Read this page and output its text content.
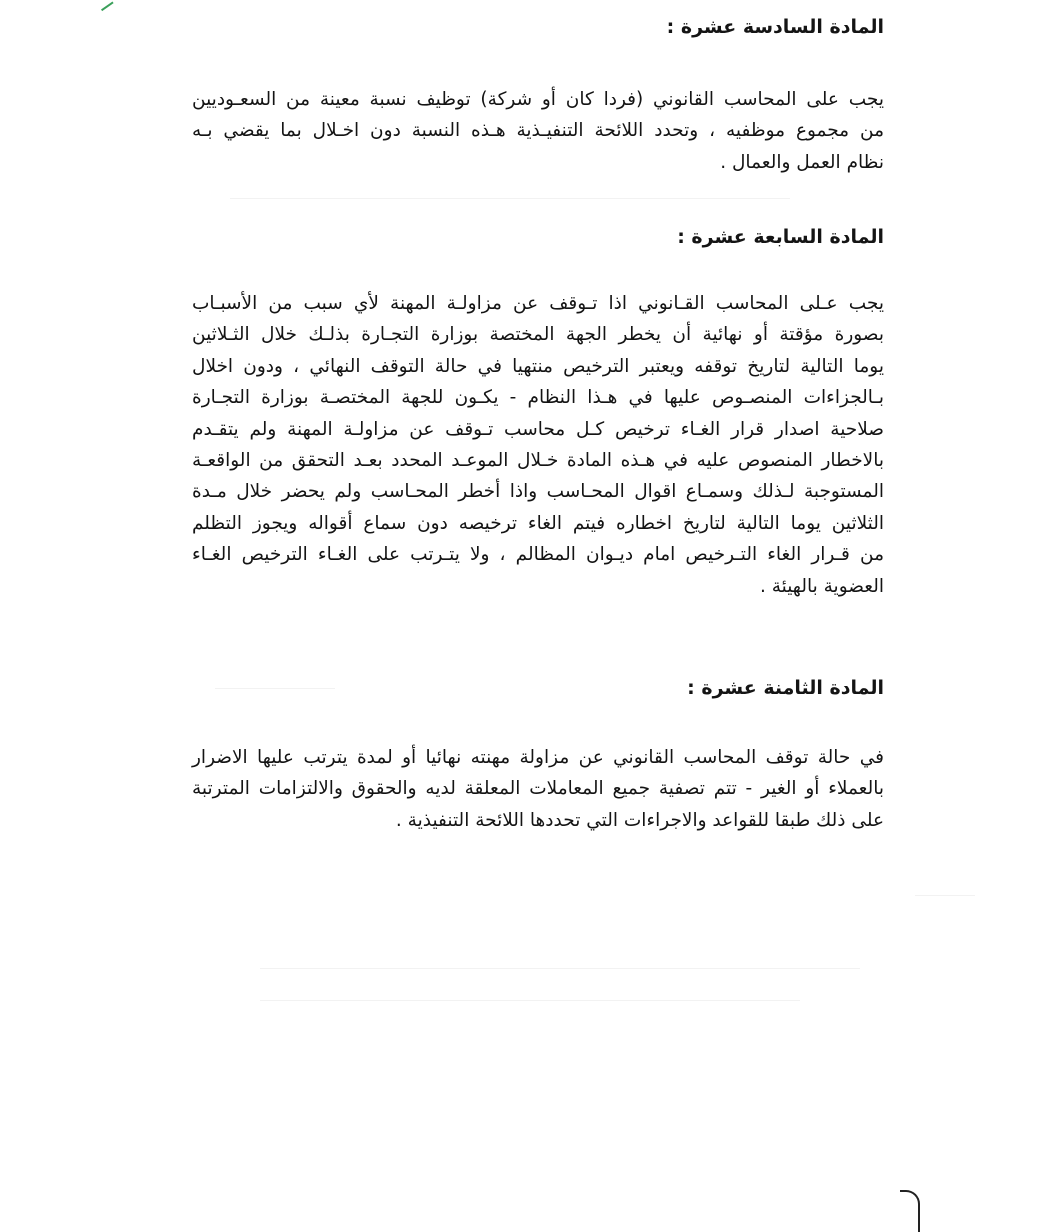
المادة السادسة عشرة :
يجب على المحاسب القانوني (فردا كان أو شركة) توظيف نسبة معينة من السعـوديين
من مجموع موظفيه ، وتحدد اللائحة التنفيـذية هـذه النسبة دون اخـلال بما يقضي بـه
نظام العمل والعمال .
المادة السابعة عشرة :
يجب عـلى المحاسب القـانوني اذا تـوقف عن مزاولـة المهنة لأي سبب من الأسبـاب
بصورة مؤقتة أو نهائية أن يخطر الجهة المختصة بوزارة التجـارة بذلـك خلال الثـلاثين
يوما التالية لتاريخ توقفه ويعتبر الترخيص منتهيا في حالة التوقف النهائي ، ودون اخلال
بـالجزاءات المنصـوص عليها في هـذا النظام - يكـون للجهة المختصـة بوزارة التجـارة
صلاحية اصدار قرار الغـاء ترخيص كـل محاسب تـوقف عن مزاولـة المهنة ولم يتقـدم
بالاخطار المنصوص عليه في هـذه المادة خـلال الموعـد المحدد بعـد التحقق من الواقعـة
المستوجبة لـذلك وسمـاع اقوال المحـاسب واذا أخطر المحـاسب ولم يحضر خلال مـدة
الثلاثين يوما التالية لتاريخ اخطاره فيتم الغاء ترخيصه دون سماع أقواله ويجوز التظلم
من قـرار الغاء التـرخيص امام ديـوان المظالم ، ولا يتـرتب على الغـاء الترخيص الغـاء
العضوية بالهيئة .
المادة الثامنة عشرة :
في حالة توقف المحاسب القانوني عن مزاولة مهنته نهائيا أو لمدة يترتب عليها الاضرار
بالعملاء أو الغير - تتم تصفية جميع المعاملات المعلقة لديه والحقوق والالتزامات المترتبة
على ذلك طبقا للقواعد والاجراءات التي تحددها اللائحة التنفيذية .
